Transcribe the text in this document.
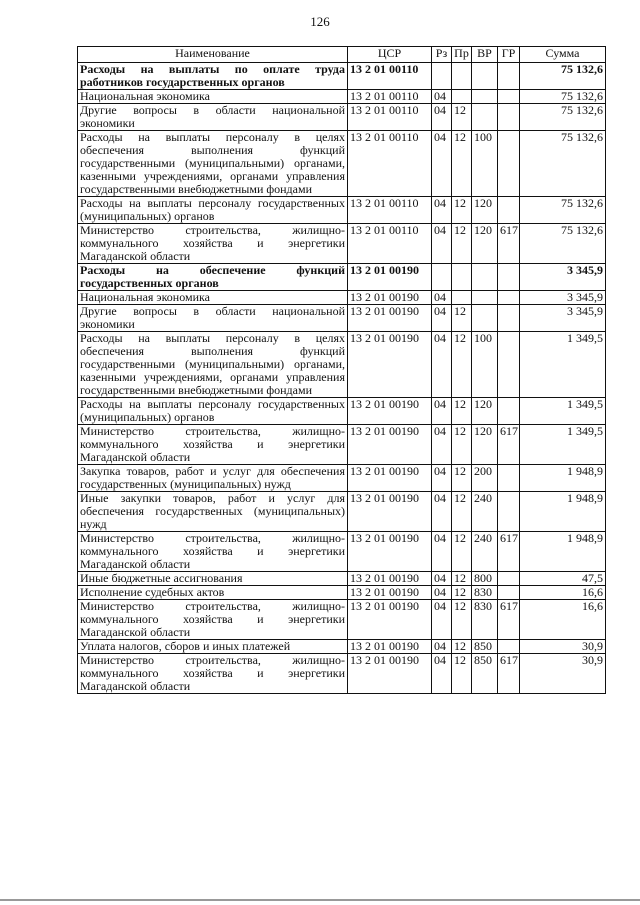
126
Наименование	ЦСР	Рз	Пр	ВР	ГР	Сумма
Расходы на выплаты по оплате труда работников государственных органов	13 2 01 00110					75 132,6
Национальная экономика	13 2 01 00110	04				75 132,6
Другие вопросы в области национальной экономики	13 2 01 00110	04	12			75 132,6
Расходы на выплаты персоналу в целях обеспечения выполнения функций государственными (муниципальными) органами, казенными учреждениями, органами управления государственными внебюджетными фондами	13 2 01 00110	04	12	100		75 132,6
Расходы на выплаты персоналу государственных (муниципальных) органов	13 2 01 00110	04	12	120		75 132,6
Министерство строительства, жилищно-коммунального хозяйства и энергетики Магаданской области	13 2 01 00110	04	12	120	617	75 132,6
Расходы на обеспечение функций государственных органов	13 2 01 00190					3 345,9
Национальная экономика	13 2 01 00190	04				3 345,9
Другие вопросы в области национальной экономики	13 2 01 00190	04	12			3 345,9
Расходы на выплаты персоналу в целях обеспечения выполнения функций государственными (муниципальными) органами, казенными учреждениями, органами управления государственными внебюджетными фондами	13 2 01 00190	04	12	100		1 349,5
Расходы на выплаты персоналу государственных (муниципальных) органов	13 2 01 00190	04	12	120		1 349,5
Министерство строительства, жилищно-коммунального хозяйства и энергетики Магаданской области	13 2 01 00190	04	12	120	617	1 349,5
Закупка товаров, работ и услуг для обеспечения государственных (муниципальных) нужд	13 2 01 00190	04	12	200		1 948,9
Иные закупки товаров, работ и услуг для обеспечения государственных (муниципальных) нужд	13 2 01 00190	04	12	240		1 948,9
Министерство строительства, жилищно-коммунального хозяйства и энергетики Магаданской области	13 2 01 00190	04	12	240	617	1 948,9
Иные бюджетные ассигнования	13 2 01 00190	04	12	800		47,5
Исполнение судебных актов	13 2 01 00190	04	12	830		16,6
Министерство строительства, жилищно-коммунального хозяйства и энергетики Магаданской области	13 2 01 00190	04	12	830	617	16,6
Уплата налогов, сборов и иных платежей	13 2 01 00190	04	12	850		30,9
Министерство строительства, жилищно-коммунального хозяйства и энергетики Магаданской области	13 2 01 00190	04	12	850	617	30,9
